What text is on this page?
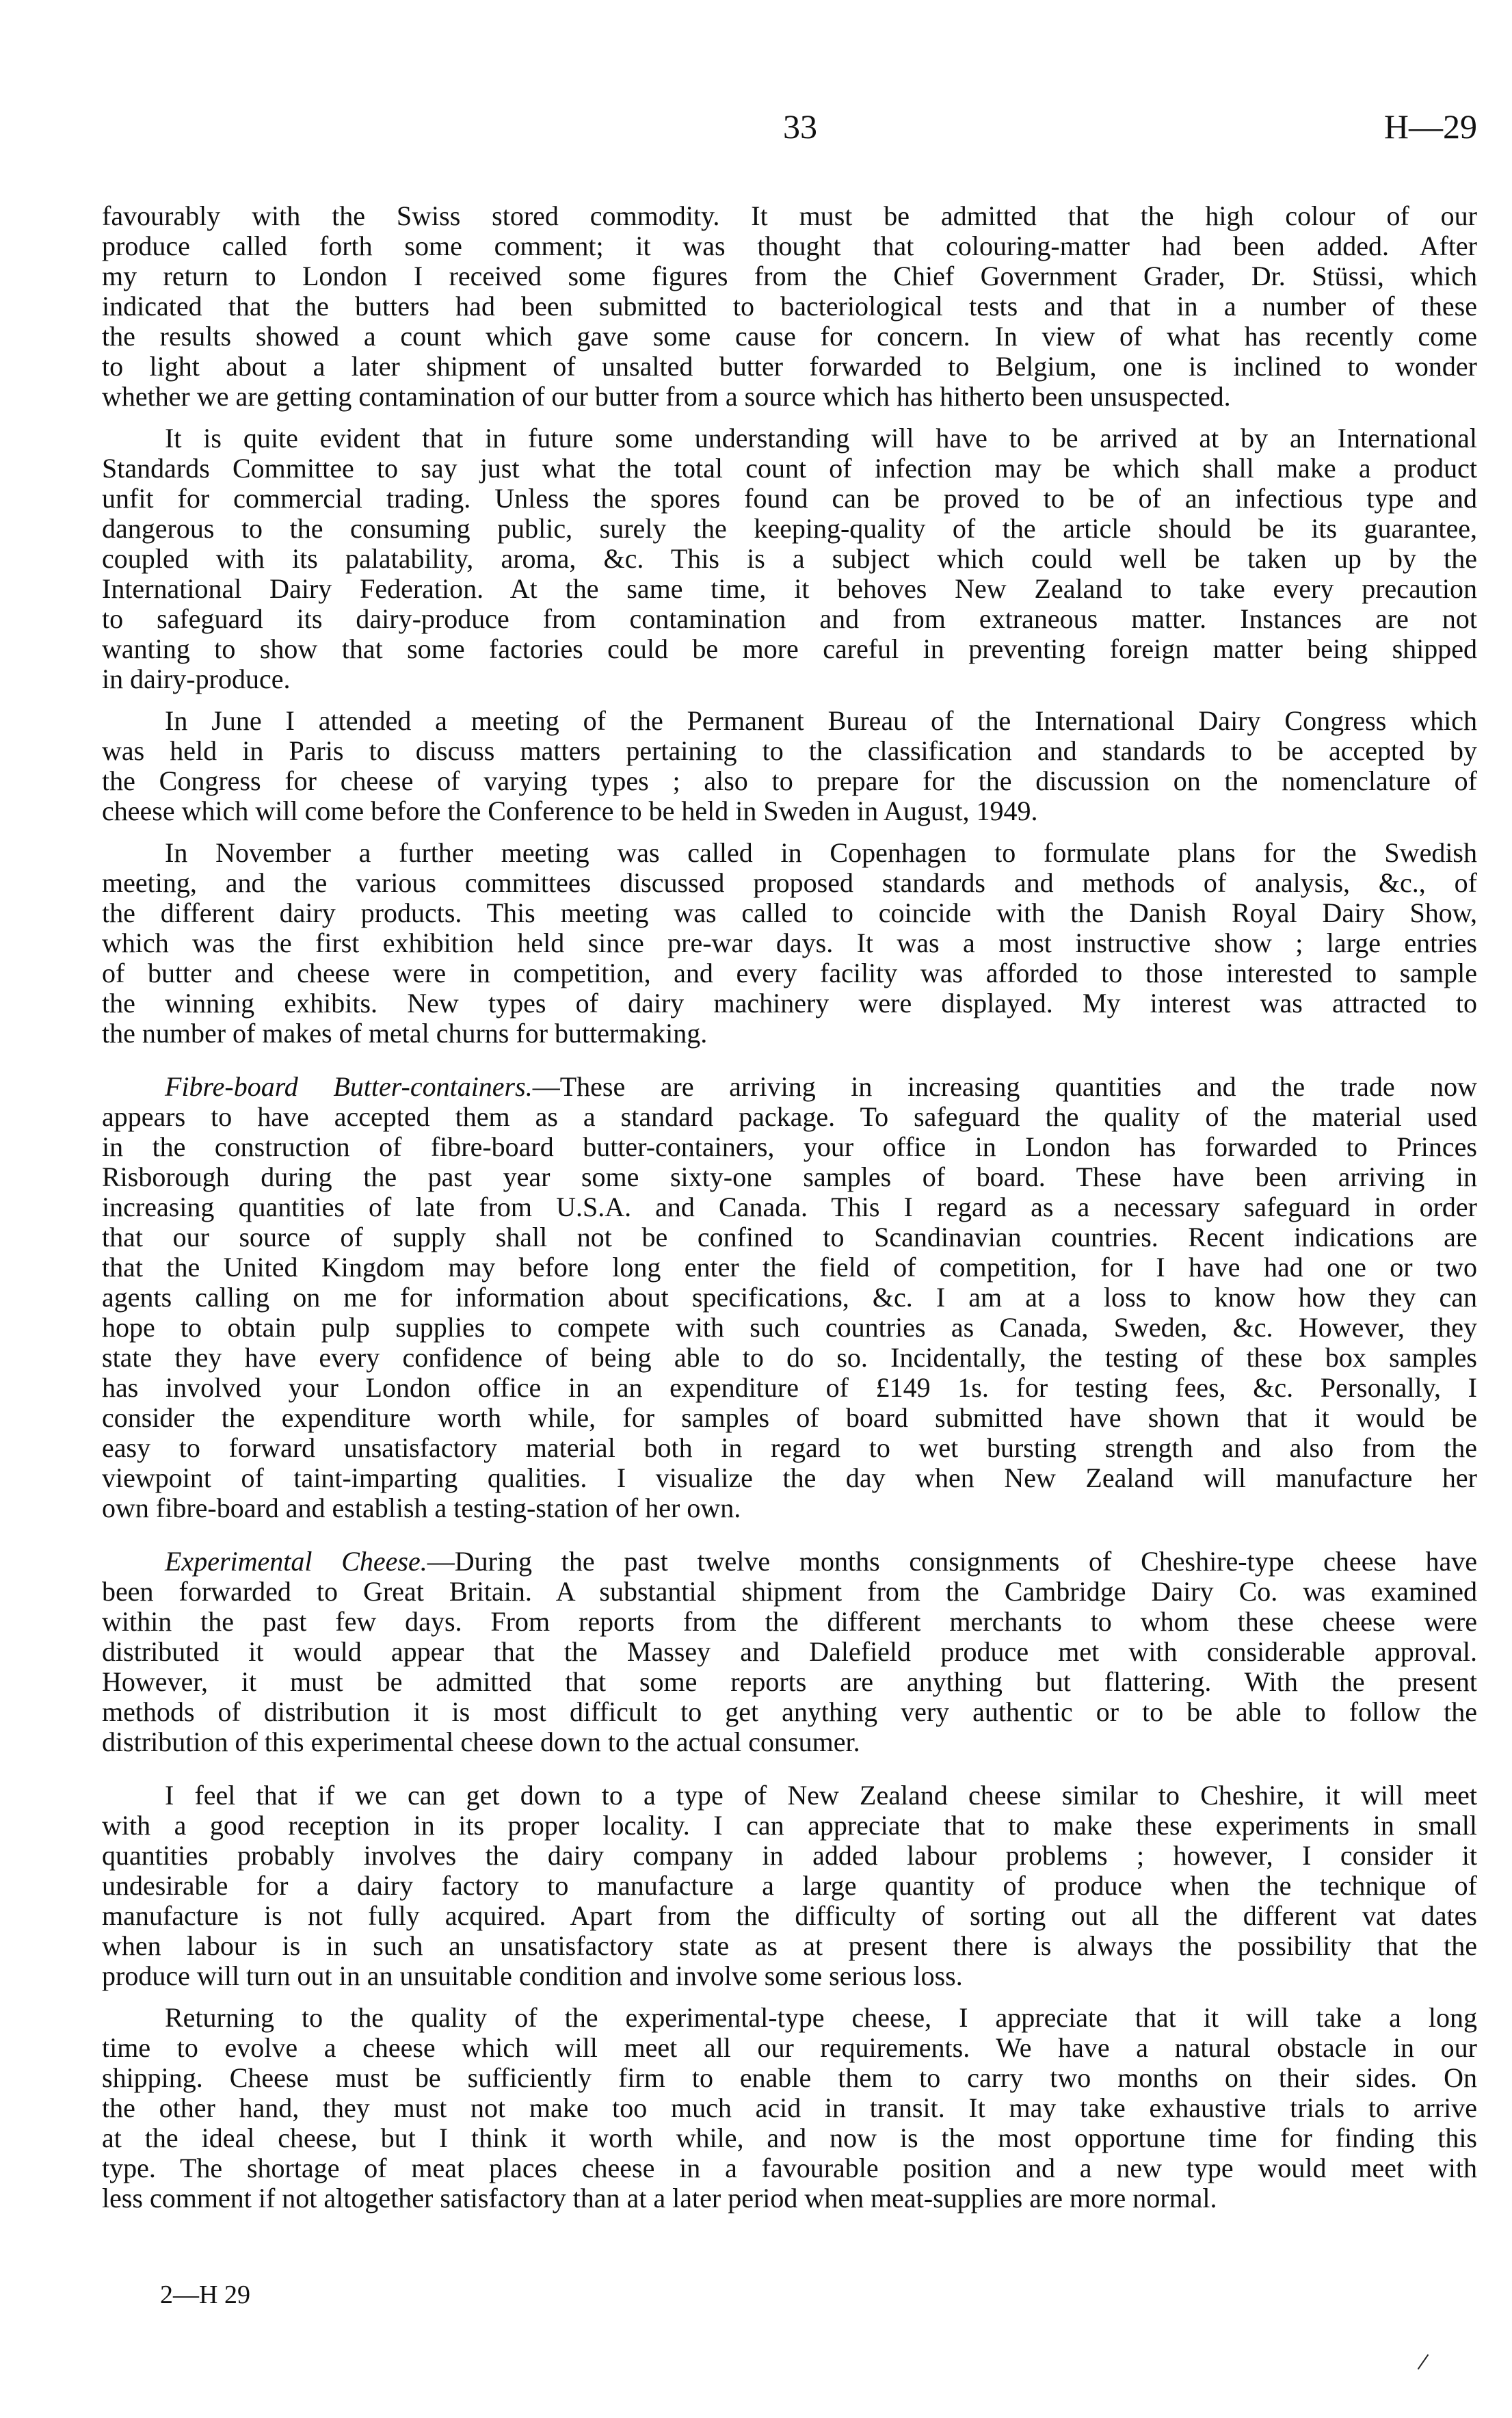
33	H—29
favourably with the Swiss stored commodity. It must be admitted that the high colour of our
produce called forth some comment; it was thought that colouring-matter had been added. After
my return to London I received some figures from the Chief Government Grader, Dr. Stüssi, which
indicated that the butters had been submitted to bacteriological tests and that in a number of these
the results showed a count which gave some cause for concern. In view of what has recently come
to light about a later shipment of unsalted butter forwarded to Belgium, one is inclined to wonder
whether we are getting contamination of our butter from a source which has hitherto been unsuspected.
It is quite evident that in future some understanding will have to be arrived at by an International
Standards Committee to say just what the total count of infection may be which shall make a product
unfit for commercial trading. Unless the spores found can be proved to be of an infectious type and
dangerous to the consuming public, surely the keeping-quality of the article should be its guarantee,
coupled with its palatability, aroma, &c. This is a subject which could well be taken up by the
International Dairy Federation. At the same time, it behoves New Zealand to take every precaution
to safeguard its dairy-produce from contamination and from extraneous matter. Instances are not
wanting to show that some factories could be more careful in preventing foreign matter being shipped
in dairy-produce.
In June I attended a meeting of the Permanent Bureau of the International Dairy Congress which
was held in Paris to discuss matters pertaining to the classification and standards to be accepted by
the Congress for cheese of varying types ; also to prepare for the discussion on the nomenclature of
cheese which will come before the Conference to be held in Sweden in August, 1949.
In November a further meeting was called in Copenhagen to formulate plans for the Swedish
meeting, and the various committees discussed proposed standards and methods of analysis, &c., of
the different dairy products. This meeting was called to coincide with the Danish Royal Dairy Show,
which was the first exhibition held since pre-war days. It was a most instructive show ; large entries
of butter and cheese were in competition, and every facility was afforded to those interested to sample
the winning exhibits. New types of dairy machinery were displayed. My interest was attracted to
the number of makes of metal churns for buttermaking.
Fibre-board Butter-containers.—These are arriving in increasing quantities and the trade now
appears to have accepted them as a standard package. To safeguard the quality of the material used
in the construction of fibre-board butter-containers, your office in London has forwarded to Princes
Risborough during the past year some sixty-one samples of board. These have been arriving in
increasing quantities of late from U.S.A. and Canada. This I regard as a necessary safeguard in order
that our source of supply shall not be confined to Scandinavian countries. Recent indications are
that the United Kingdom may before long enter the field of competition, for I have had one or two
agents calling on me for information about specifications, &c. I am at a loss to know how they can
hope to obtain pulp supplies to compete with such countries as Canada, Sweden, &c. However, they
state they have every confidence of being able to do so. Incidentally, the testing of these box samples
has involved your London office in an expenditure of £149 1s. for testing fees, &c. Personally, I
consider the expenditure worth while, for samples of board submitted have shown that it would be
easy to forward unsatisfactory material both in regard to wet bursting strength and also from the
viewpoint of taint-imparting qualities. I visualize the day when New Zealand will manufacture her
own fibre-board and establish a testing-station of her own.
Experimental Cheese.—During the past twelve months consignments of Cheshire-type cheese have
been forwarded to Great Britain. A substantial shipment from the Cambridge Dairy Co. was examined
within the past few days. From reports from the different merchants to whom these cheese were
distributed it would appear that the Massey and Dalefield produce met with considerable approval.
However, it must be admitted that some reports are anything but flattering. With the present
methods of distribution it is most difficult to get anything very authentic or to be able to follow the
distribution of this experimental cheese down to the actual consumer.
I feel that if we can get down to a type of New Zealand cheese similar to Cheshire, it will meet
with a good reception in its proper locality. I can appreciate that to make these experiments in small
quantities probably involves the dairy company in added labour problems ; however, I consider it
undesirable for a dairy factory to manufacture a large quantity of produce when the technique of
manufacture is not fully acquired. Apart from the difficulty of sorting out all the different vat dates
when labour is in such an unsatisfactory state as at present there is always the possibility that the
produce will turn out in an unsuitable condition and involve some serious loss.
Returning to the quality of the experimental-type cheese, I appreciate that it will take a long
time to evolve a cheese which will meet all our requirements. We have a natural obstacle in our
shipping. Cheese must be sufficiently firm to enable them to carry two months on their sides. On
the other hand, they must not make too much acid in transit. It may take exhaustive trials to arrive
at the ideal cheese, but I think it worth while, and now is the most opportune time for finding this
type. The shortage of meat places cheese in a favourable position and a new type would meet with
less comment if not altogether satisfactory than at a later period when meat-supplies are more normal.
2—H 29
